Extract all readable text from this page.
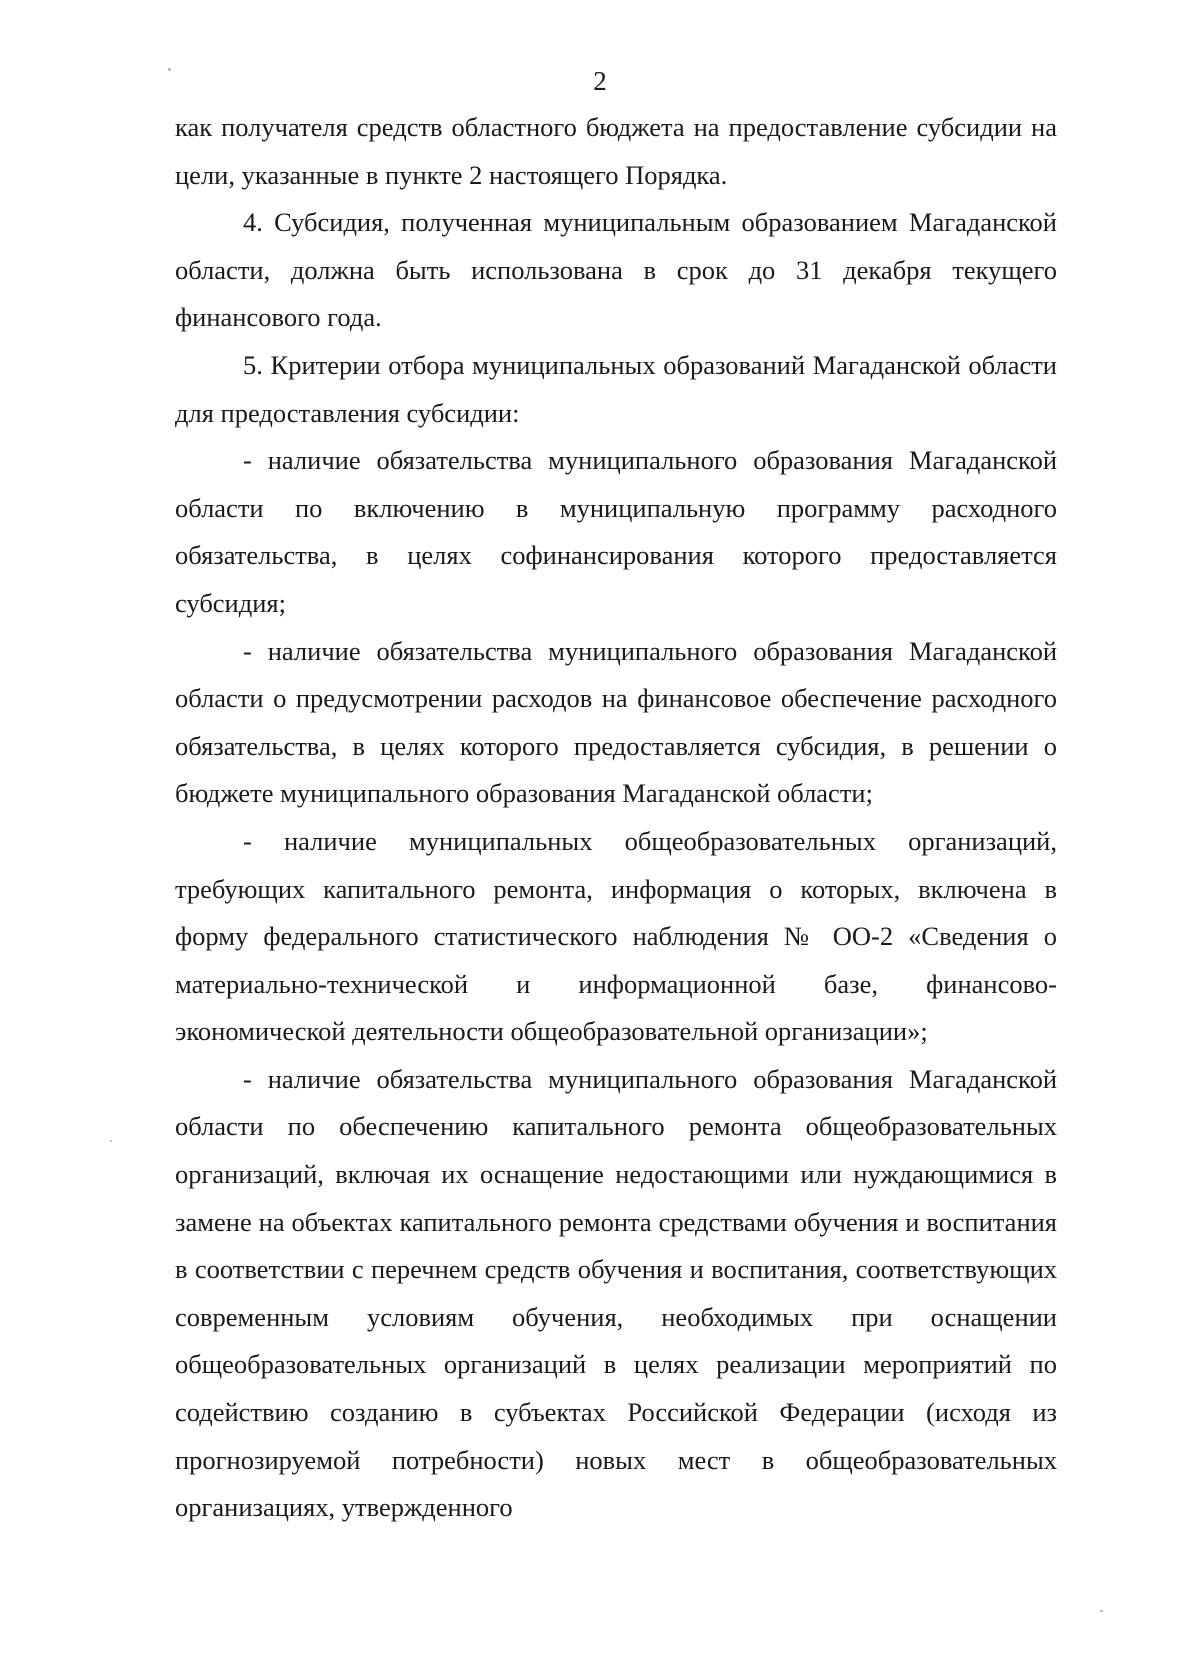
2

как получателя средств областного бюджета на предоставление субсидии на цели, указанные в пункте 2 настоящего Порядка.

4. Субсидия, полученная муниципальным образованием Магаданской области, должна быть использована в срок до 31 декабря текущего финансового года.

5. Критерии отбора муниципальных образований Магаданской области для предоставления субсидии:

- наличие обязательства муниципального образования Магаданской области по включению в муниципальную программу расходного обязательства, в целях софинансирования которого предоставляется субсидия;

- наличие обязательства муниципального образования Магаданской области о предусмотрении расходов на финансовое обеспечение расходного обязательства, в целях которого предоставляется субсидия, в решении о бюджете муниципального образования Магаданской области;

- наличие муниципальных общеобразовательных организаций, требующих капитального ремонта, информация о которых, включена в форму федерального статистического наблюдения № ОО-2 «Сведения о материально-технической и информационной базе, финансово-экономической деятельности общеобразовательной организации»;

- наличие обязательства муниципального образования Магаданской области по обеспечению капитального ремонта общеобразовательных организаций, включая их оснащение недостающими или нуждающимися в замене на объектах капитального ремонта средствами обучения и воспитания в соответствии с перечнем средств обучения и воспитания, соответствующих современным условиям обучения, необходимых при оснащении общеобразовательных организаций в целях реализации мероприятий по содействию созданию в субъектах Российской Федерации (исходя из прогнозируемой потребности) новых мест в общеобразовательных организациях, утвержденного
